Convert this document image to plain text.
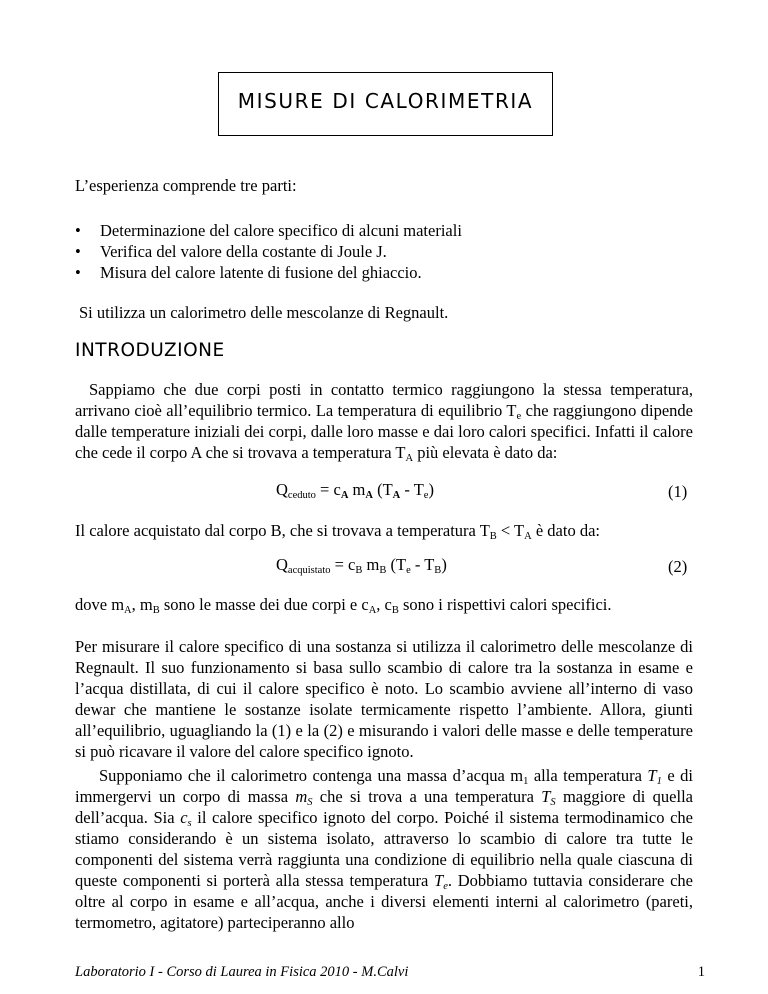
MISURE DI CALORIMETRIA
L’esperienza comprende tre parti:
• Determinazione del calore specifico di alcuni materiali
• Verifica del valore della costante di Joule J.
• Misura del calore latente di fusione del ghiaccio.
Si utilizza un calorimetro delle mescolanze di Regnault.
INTRODUZIONE
Sappiamo che due corpi posti in contatto termico raggiungono la stessa temperatura, arrivano cioè all’equilibrio termico. La temperatura di equilibrio $T_e$ che raggiungono dipende dalle temperature iniziali dei corpi, dalle loro masse e dai loro calori specifici. Infatti il calore che cede il corpo A che si trovava a temperatura $T_A$ più elevata è dato da:
$Q_{ceduto} = c_A$ $m_A$ $(T_A - T_e)$	(1)
Il calore acquistato dal corpo B, che si trovava a temperatura $T_B < T_A$ è dato da:
$Q_{acquistato} = c_B$ $m_B$ $(T_e - T_B)$	(2)
dove $m_A$, $m_B$ sono le masse dei due corpi e $c_A$, $c_B$ sono i rispettivi calori specifici.
Per misurare il calore specifico di una sostanza si utilizza il calorimetro delle mescolanze di Regnault. Il suo funzionamento si basa sullo scambio di calore tra la sostanza in esame e l’acqua distillata, di cui il calore specifico è noto. Lo scambio avviene all’interno di vaso dewar che mantiene le sostanze isolate termicamente rispetto l’ambiente. Allora, giunti all’equilibrio, uguagliando la (1) e la (2) e misurando i valori delle masse e delle temperature si può ricavare il valore del calore specifico ignoto.
Supponiamo che il calorimetro contenga una massa d’acqua $m_1$ alla temperatura $T_1$ e di immergervi un corpo di massa $m_S$ che si trova a una temperatura $T_S$ maggiore di quella dell’acqua. Sia $c_s$ il calore specifico ignoto del corpo. Poiché il sistema termodinamico che stiamo considerando è un sistema isolato, attraverso lo scambio di calore tra tutte le componenti del sistema verrà raggiunta una condizione di equilibrio nella quale ciascuna di queste componenti si porterà alla stessa temperatura $T_e$. Dobbiamo tuttavia considerare che oltre al corpo in esame e all’acqua, anche i diversi elementi interni al calorimetro (pareti, termometro, agitatore) parteciperanno allo
Laboratorio I - Corso di Laurea in Fisica 2010 - M.Calvi	1
